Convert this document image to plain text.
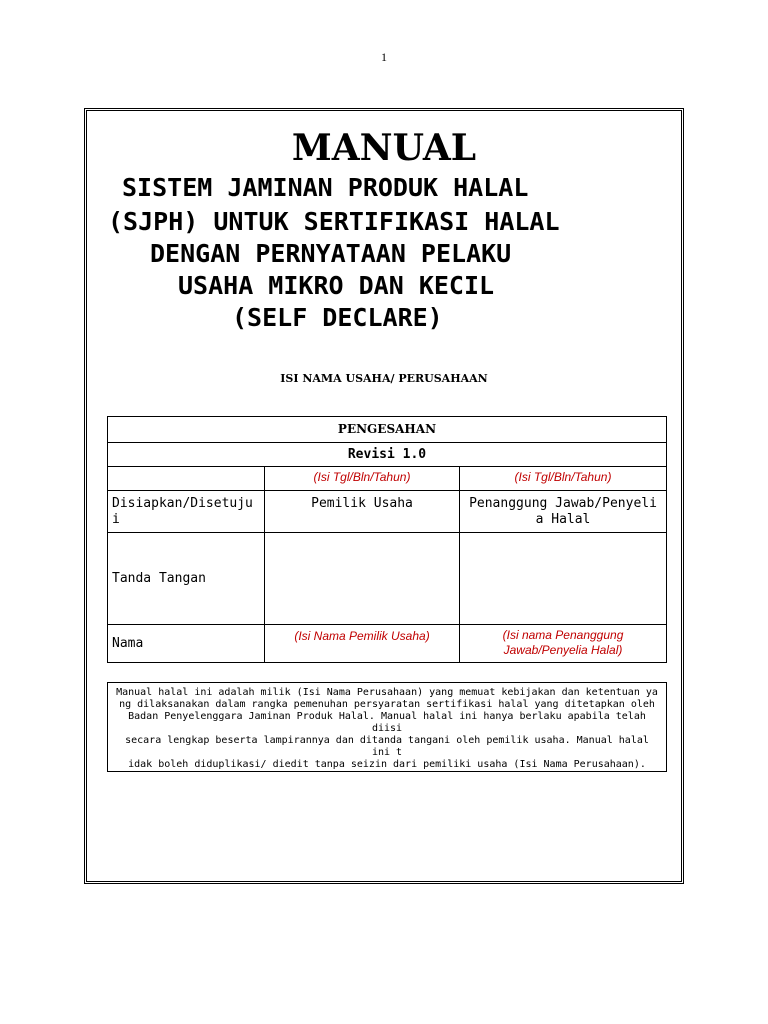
1
MANUAL
SISTEM JAMINAN PRODUK HALAL
(SJPH) UNTUK SERTIFIKASI HALAL
DENGAN PERNYATAAN PELAKU
USAHA MIKRO DAN KECIL
(SELF DECLARE)
ISI NAMA USAHA/ PERUSAHAAN
PENGESAHAN		
Revisi 1.0		
	(Isi Tgl/Bln/Tahun)	(Isi Tgl/Bln/Tahun)
Disiapkan/Disetuju i	Pemilik Usaha	Penanggung Jawab/Penyeli a Halal
Tanda Tangan		
Nama	(Isi Nama Pemilik Usaha)	(Isi nama Penanggung Jawab/Penyelia Halal)
Manual halal ini adalah milik (Isi Nama Perusahaan) yang memuat kebijakan dan ketentuan ya
ng dilaksanakan dalam rangka pemenuhan persyaratan sertifikasi halal yang ditetapkan oleh
Badan Penyelenggara Jaminan Produk Halal. Manual halal ini hanya berlaku apabila telah diisi
secara lengkap beserta lampirannya dan ditanda tangani oleh pemilik usaha. Manual halal ini t
idak boleh diduplikasi/ diedit tanpa seizin dari pemiliki usaha (Isi Nama Perusahaan).
